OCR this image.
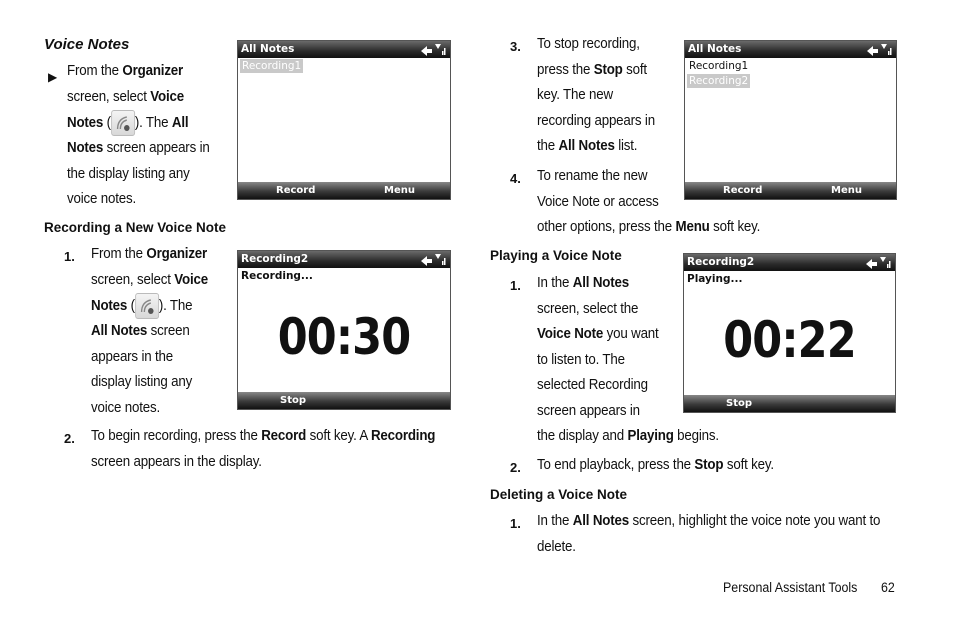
Voice Notes
▶ From the Organizer
screen, select Voice
Notes ( ). The All
Notes screen appears in
the display listing any
voice notes.
Recording a New Voice Note
1. From the Organizer
screen, select Voice
Notes ( ). The
All Notes screen
appears in the
display listing any
voice notes.
2. To begin recording, press the Record soft key. A Recording
screen appears in the display.
All Notes
Recording1
Record	Menu
Recording2
Recording...
00:30
Stop
3. To stop recording,
press the Stop soft
key. The new
recording appears in
the All Notes list.
4. To rename the new
Voice Note or access
other options, press the Menu soft key.
Playing a Voice Note
1. In the All Notes
screen, select the
Voice Note you want
to listen to. The
selected Recording
screen appears in
the display and Playing begins.
2. To end playback, press the Stop soft key.
Deleting a Voice Note
1. In the All Notes screen, highlight the voice note you want to
delete.
All Notes
Recording1
Recording2
Record	Menu
Recording2
Playing...
00:22
Stop
Personal Assistant Tools 62
